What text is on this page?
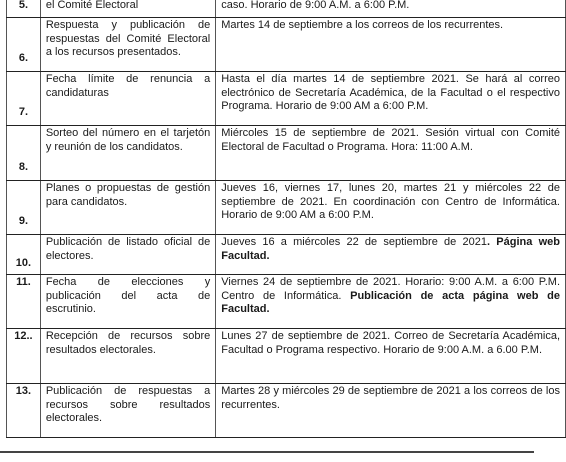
5.	el Comité Electoral	caso. Horario de 9:00 A.M. a 6:00 P.M.
6.	Respuesta y publicación de respuestas del Comité Electoral a los recursos presentados.	Martes 14 de septiembre a los correos de los recurrentes.
7.	Fecha límite de renuncia a candidaturas	Hasta el día martes 14 de septiembre 2021. Se hará al correo electrónico de Secretaría Académica, de la Facultad o el respectivo Programa. Horario de 9:00 AM a 6:00 P.M.
8.	Sorteo del número en el tarjetón y reunión de los candidatos.	Miércoles 15 de septiembre de 2021. Sesión virtual con Comité Electoral de Facultad o Programa. Hora: 11:00 A.M.
9.	Planes o propuestas de gestión para candidatos.	Jueves 16, viernes 17, lunes 20, martes 21 y miércoles 22 de septiembre de 2021. En coordinación con Centro de Informática. Horario de 9:00 AM a 6:00 P.M.
10.	Publicación de listado oficial de electores.	Jueves 16 a miércoles 22 de septiembre de 2021. Página web Facultad.
11.	Fecha de elecciones y publicación del acta de escrutinio.	Viernes 24 de septiembre de 2021. Horario: 9:00 A.M. a 6:00 P.M. Centro de Informática. Publicación de acta página web de Facultad.
12..	Recepción de recursos sobre resultados electorales.	Lunes 27 de septiembre de 2021. Correo de Secretaría Académica, Facultad o Programa respectivo. Horario de 9:00 A.M. a 6.00 P.M.
13.	Publicación de respuestas a recursos sobre resultados electorales.	Martes 28 y miércoles 29 de septiembre de 2021 a los correos de los recurrentes.
